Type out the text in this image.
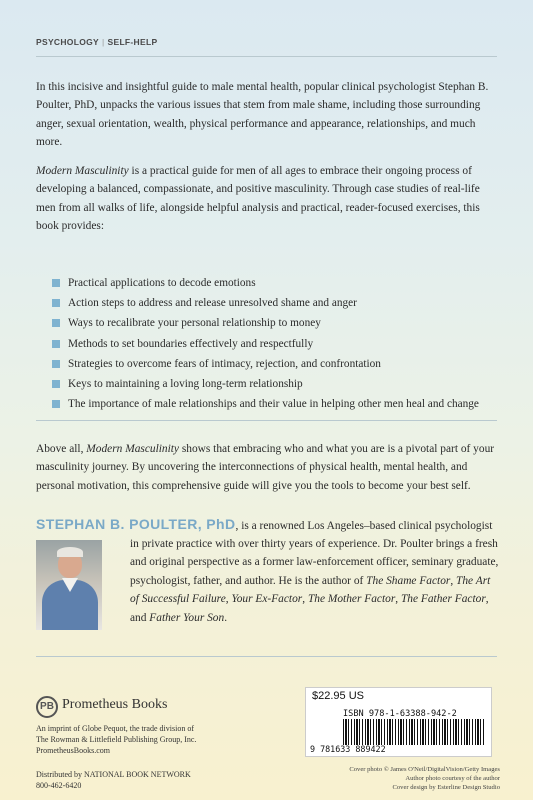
PSYCHOLOGY | SELF-HELP

In this incisive and insightful guide to male mental health, popular clinical psychologist Stephan B. Poulter, PhD, unpacks the various issues that stem from male shame, including those surrounding anger, sexual orientation, wealth, physical performance and appearance, relationships, and much more.

Modern Masculinity is a practical guide for men of all ages to embrace their ongoing process of developing a balanced, compassionate, and positive masculinity. Through case studies of real-life men from all walks of life, alongside helpful analysis and practical, reader-focused exercises, this book provides:

Practical applications to decode emotions
Action steps to address and release unresolved shame and anger
Ways to recalibrate your personal relationship to money
Methods to set boundaries effectively and respectfully
Strategies to overcome fears of intimacy, rejection, and confrontation
Keys to maintaining a loving long-term relationship
The importance of male relationships and their value in helping other men heal and change

Above all, Modern Masculinity shows that embracing who and what you are is a pivotal part of your masculinity journey. By uncovering the interconnections of physical health, mental health, and personal motivation, this comprehensive guide will give you the tools to become your best self.

STEPHAN B. POULTER, PhD, is a renowned Los Angeles–based clinical psychologist
in private practice with over thirty years of experience. Dr. Poulter brings a fresh and original perspective as a former law-enforcement officer, seminary graduate, psychologist, father, and author. He is the author of The Shame Factor, The Art of Successful Failure, Your Ex-Factor, The Mother Factor, The Father Factor, and Father Your Son.
PB Prometheus Books
An imprint of Globe Pequot, the trade division of
The Rowman & Littlefield Publishing Group, Inc.
PrometheusBooks.com
Distributed by NATIONAL BOOK NETWORK
800-462-6420
$22.95 US
ISBN 978-1-63388-942-2
9 781633 889422
Cover photo © James O'Neil/DigitalVision/Getty Images
Author photo courtesy of the author
Cover design by Esterline Design Studio
